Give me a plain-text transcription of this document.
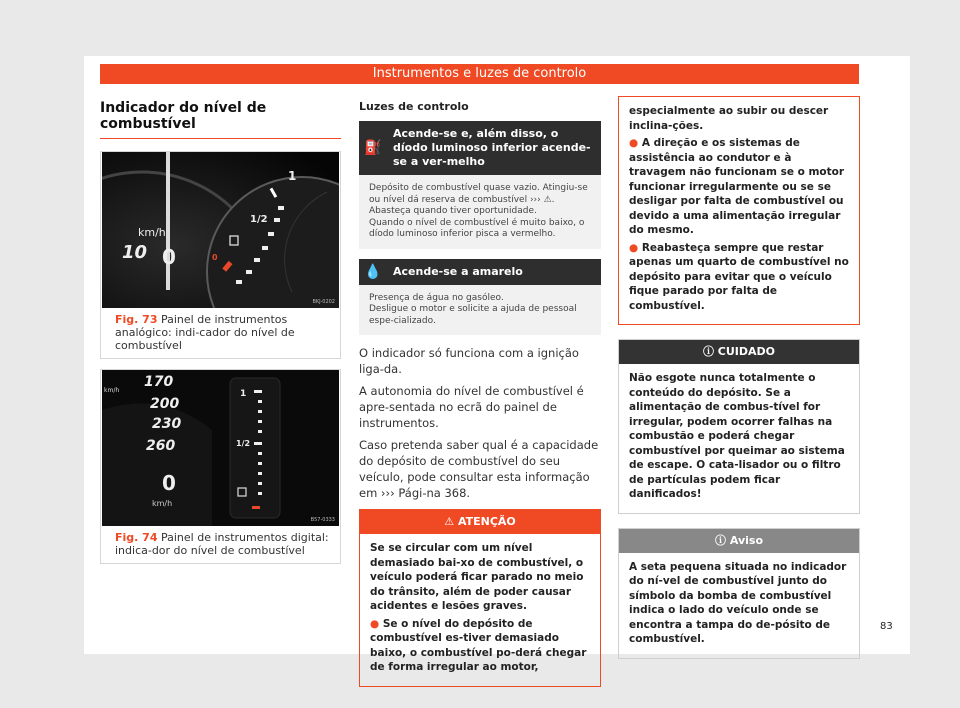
Instrumentos e luzes de controlo
Indicador do nível de combustível
km/h
10 0
1
1/2
0
BKJ-0202
Fig. 73 Painel de instrumentos analógico: indi-cador do nível de combustível
km/h
170
200
230
260
0
km/h
1
1/2
B57-0333
Fig. 74 Painel de instrumentos digital: indica-dor do nível de combustível
Luzes de controlo
⛽
Acende-se e, além disso, o díodo luminoso inferior acende-se a ver-melho
Depósito de combustível quase vazio. Atingiu-se ou nível dá reserva de combustível ››› ⚠. Abasteça quando tiver oportunidade.
Quando o nível de combustível é muito baixo, o díodo luminoso inferior pisca a vermelho.
💧	Acende-se a amarelo
Presença de água no gasóleo.
Desligue o motor e solicite a ajuda de pessoal espe-cializado.
O indicador só funciona com a ignição liga-da.
A autonomia do nível de combustível é apre-sentada no ecrã do painel de instrumentos.
Caso pretenda saber qual é a capacidade do depósito de combustível do seu veículo, pode consultar esta informação em ››› Pági-na 368.
⚠ ATENÇÃO

Se se circular com um nível demasiado bai-xo de combustível, o veículo poderá ficar parado no meio do trânsito, além de poder causar acidentes e lesões graves.

● Se o nível do depósito de combustível es-tiver demasiado baixo, o combustível po-derá chegar de forma irregular ao motor,

especialmente ao subir ou descer inclina-ções.

● A direção e os sistemas de assistência ao condutor e à travagem não funcionam se o motor funcionar irregularmente ou se se desligar por falta de combustível ou devido a uma alimentação irregular do mesmo.

● Reabasteça sempre que restar apenas um quarto de combustível no depósito para evitar que o veículo fique parado por falta de combustível.

ⓘ CUIDADO

Não esgote nunca totalmente o conteúdo do depósito. Se a alimentação de combus-tível for irregular, podem ocorrer falhas na combustão e poderá chegar combustível por queimar ao sistema de escape. O cata-lisador ou o filtro de partículas podem ficar danificados!

ⓘ Aviso

A seta pequena situada no indicador do ní-vel de combustível junto do símbolo da bomba de combustível indica o lado do veículo onde se encontra a tampa do de-pósito de combustível.

83
